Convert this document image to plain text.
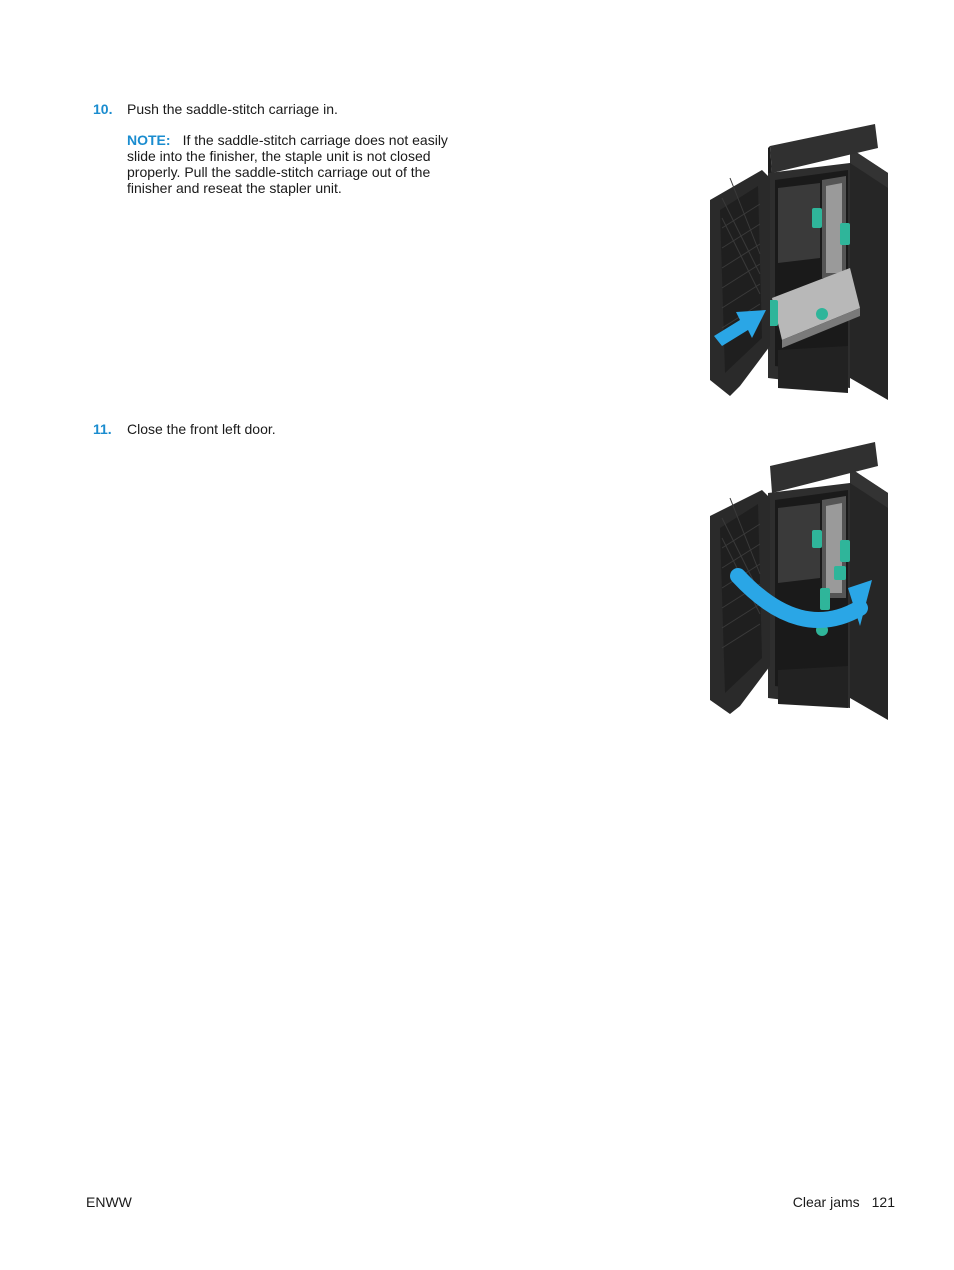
10. Push the saddle-stitch carriage in.
NOTE: If the saddle-stitch carriage does not easily slide into the finisher, the staple unit is not closed properly. Pull the saddle-stitch carriage out of the finisher and reseat the stapler unit.
11. Close the front left door.
ENWW	Clear jams 121
